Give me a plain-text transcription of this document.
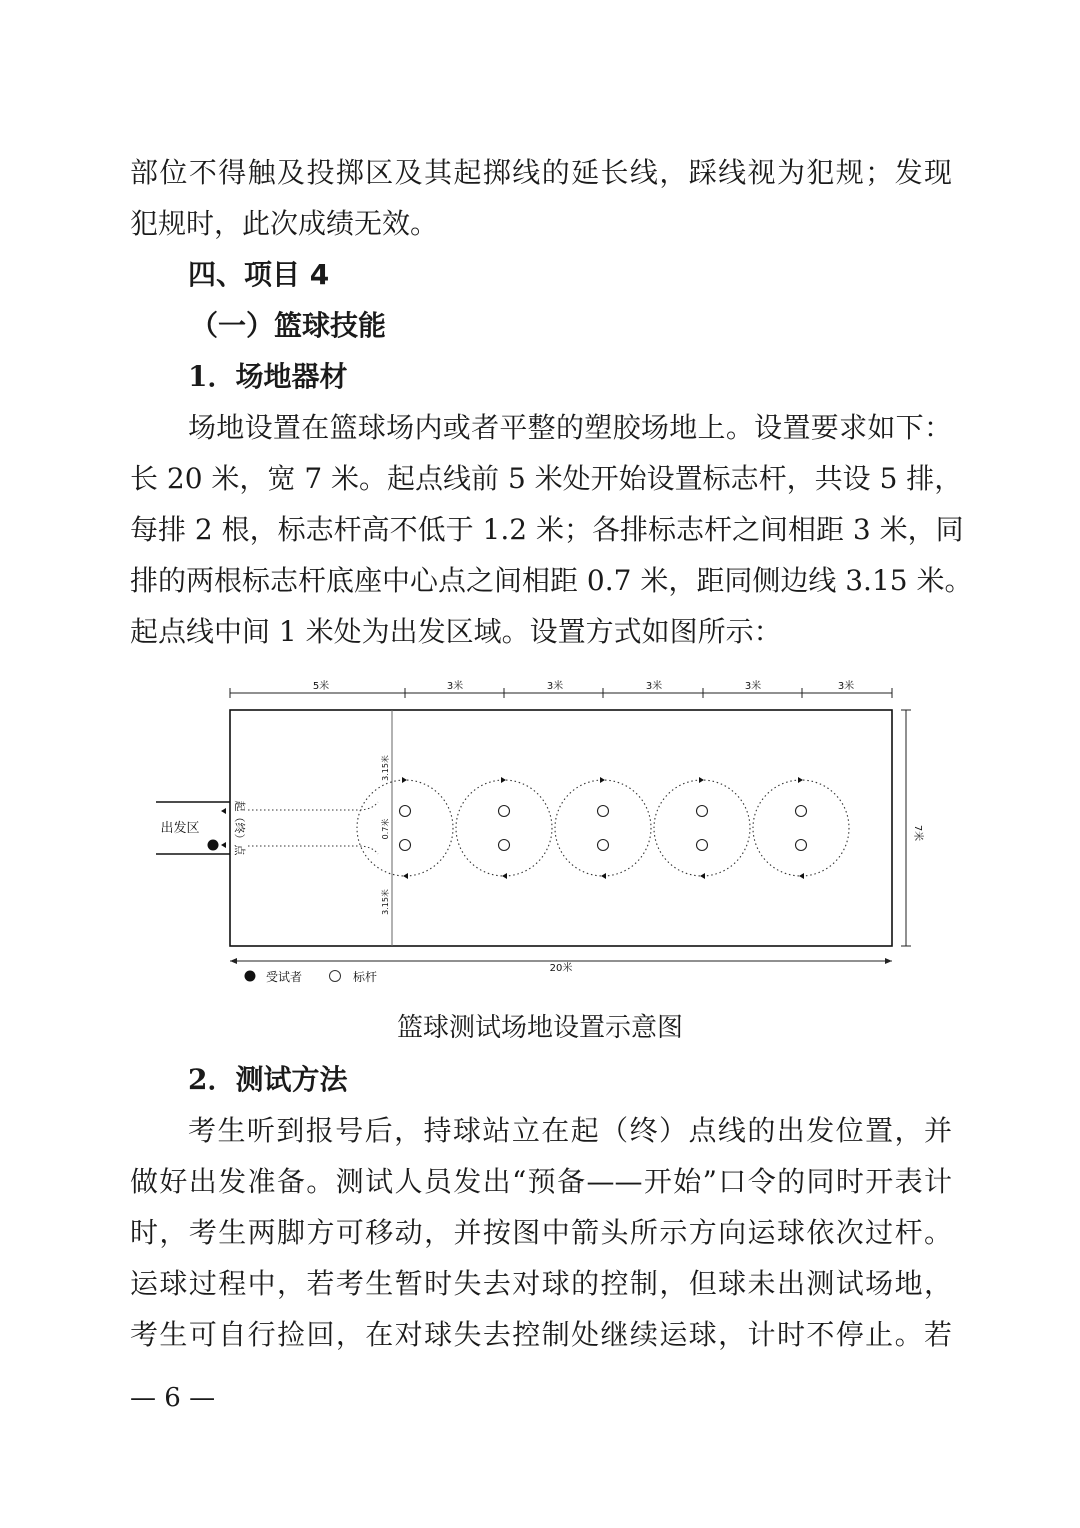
部位不得触及投掷区及其起掷线的延长线，踩线视为犯规；发现
犯规时，此次成绩无效。
四、项目 4
（一）篮球技能
1．场地器材
场地设置在篮球场内或者平整的塑胶场地上。设置要求如下：
长 20 米，宽 7 米。起点线前 5 米处开始设置标志杆，共设 5 排，
每排 2 根，标志杆高不低于 1.2 米；各排标志杆之间相距 3 米，同
排的两根标志杆底座中心点之间相距 0.7 米，距同侧边线 3.15 米。
起点线中间 1 米处为出发区域。设置方式如图所示：
5米	3米	3米	3米	3米	3米
出发区	起（终）点
3.15米
0.7米
3.15米
7米
20米
受试者	标杆
篮球测试场地设置示意图
2．测试方法
考生听到报号后，持球站立在起（终）点线的出发位置，并
做好出发准备。测试人员发出“预备——开始”口令的同时开表计
时，考生两脚方可移动，并按图中箭头所示方向运球依次过杆。
运球过程中，若考生暂时失去对球的控制，但球未出测试场地，
考生可自行捡回，在对球失去控制处继续运球，计时不停止。若
— 6 —
